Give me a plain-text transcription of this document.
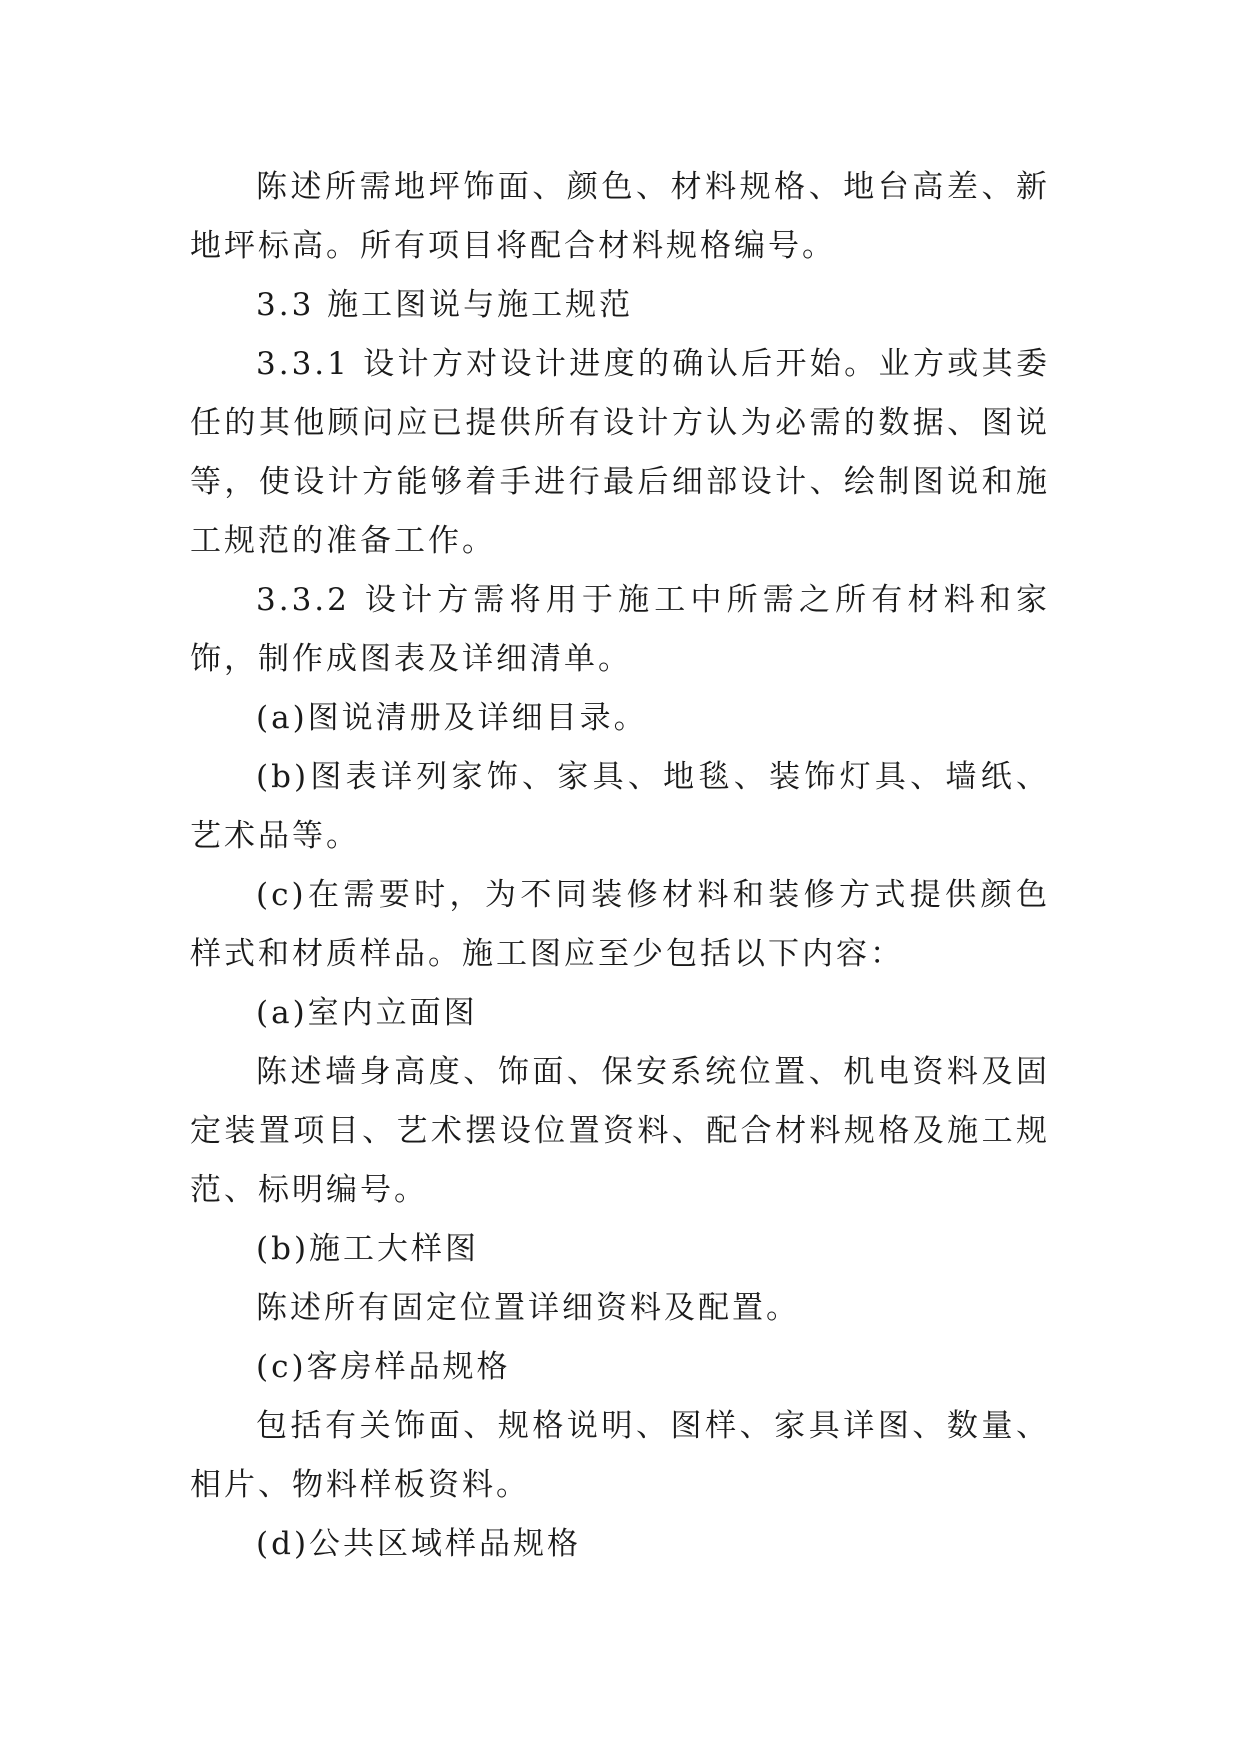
陈述所需地坪饰面、颜色、材料规格、地台高差、新地坪标高。所有项目将配合材料规格编号。

3.3 施工图说与施工规范

3.3.1 设计方对设计进度的确认后开始。业方或其委任的其他顾问应已提供所有设计方认为必需的数据、图说等，使设计方能够着手进行最后细部设计、绘制图说和施工规范的准备工作。

3.3.2 设计方需将用于施工中所需之所有材料和家饰，制作成图表及详细清单。

(a)图说清册及详细目录。

(b)图表详列家饰、家具、地毯、装饰灯具、墙纸、艺术品等。

(c)在需要时，为不同装修材料和装修方式提供颜色样式和材质样品。施工图应至少包括以下内容：

(a)室内立面图

陈述墙身高度、饰面、保安系统位置、机电资料及固定装置项目、艺术摆设位置资料、配合材料规格及施工规范、标明编号。

(b)施工大样图

陈述所有固定位置详细资料及配置。

(c)客房样品规格

包括有关饰面、规格说明、图样、家具详图、数量、相片、物料样板资料。

(d)公共区域样品规格
